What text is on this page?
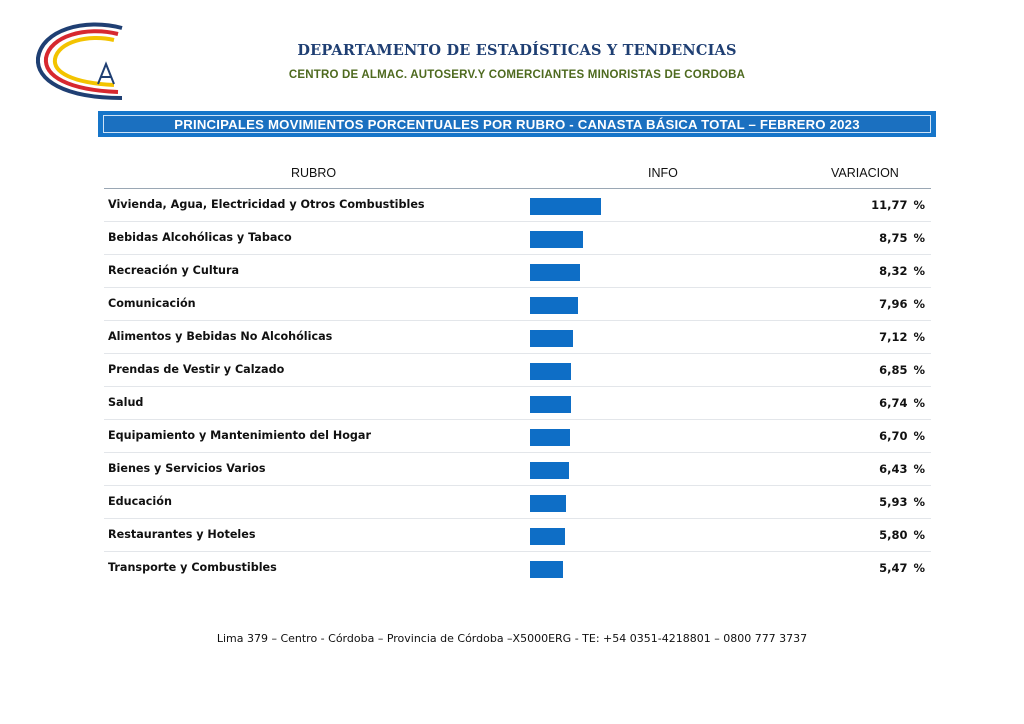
DEPARTAMENTO DE ESTADÍSTICAS Y TENDENCIAS
CENTRO DE ALMAC. AUTOSERV.Y COMERCIANTES MINORISTAS DE CORDOBA
PRINCIPALES MOVIMIENTOS PORCENTUALES POR RUBRO - CANASTA BÁSICA TOTAL – FEBRERO 2023
RUBRO	INFO	VARIACION
Vivienda, Agua, Electricidad y Otros Combustibles	11,77 %
Bebidas Alcohólicas y Tabaco	8,75 %
Recreación y Cultura	8,32 %
Comunicación	7,96 %
Alimentos y Bebidas No Alcohólicas	7,12 %
Prendas de Vestir y Calzado	6,85 %
Salud	6,74 %
Equipamiento y Mantenimiento del Hogar	6,70 %
Bienes y Servicios Varios	6,43 %
Educación	5,93 %
Restaurantes y Hoteles	5,80 %
Transporte y Combustibles	5,47 %
Lima 379 – Centro - Córdoba – Provincia de Córdoba –X5000ERG - TE: +54 0351-4218801 – 0800 777 3737
